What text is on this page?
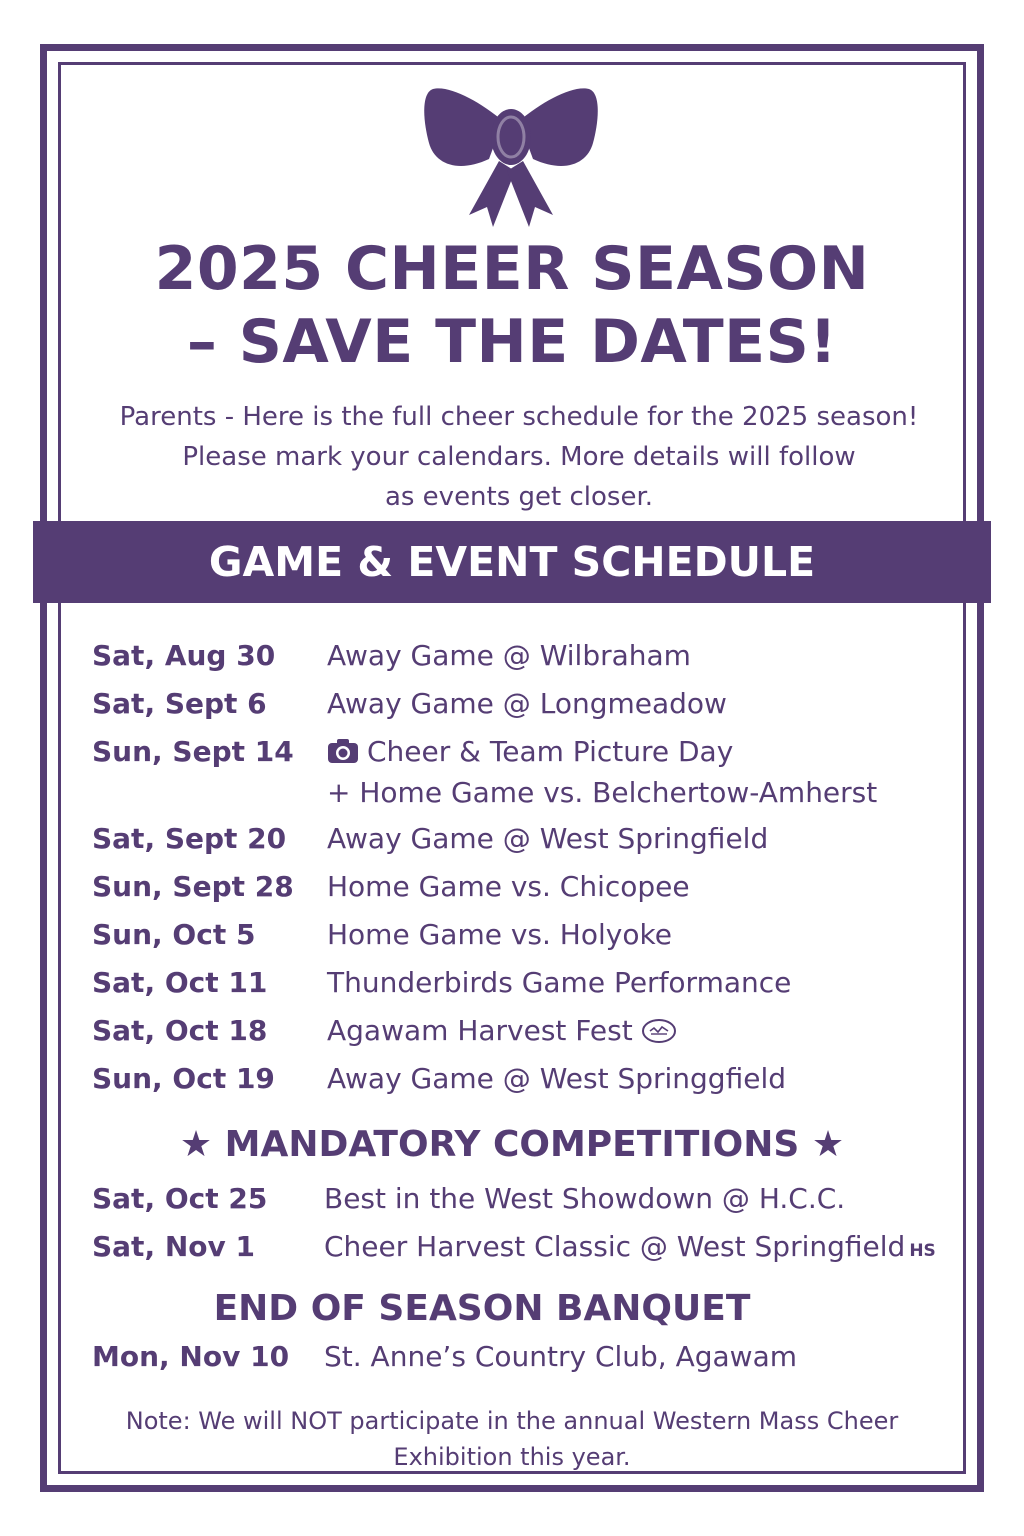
2025 CHEER SEASON
– SAVE THE DATES!

Parents - Here is the full cheer schedule for the 2025 season!
Please mark your calendars. More details will follow
as events get closer.

GAME & EVENT SCHEDULE
Sat, Aug 30 Away Game @ Wilbraham
Sat, Sept 6 Away Game @ Longmeadow
Sun, Sept 14	Cheer & Team Picture Day
+ Home Game vs. Belchertow-Amherst
Sat, Sept 20 Away Game @ West Springfield
Sun, Sept 28 Home Game vs. Chicopee
Sun, Oct 5	Home Game vs. Holyoke
Sat, Oct 11 Thunderbirds Game Performance
Sat, Oct 18 Agawam Harvest Fest
Sun, Oct 19 Away Game @ West Springgfield
★ MANDATORY COMPETITIONS ★
Sat, Oct 25 Best in the West Showdown @ H.C.C.
Sat, Nov 1 Cheer Harvest Classic @ West Springfield HS
END OF SEASON BANQUET
Mon, Nov 10 St. Anne’s Country Club, Agawam

Note: We will NOT participate in the annual Western Mass Cheer
Exhibition this year.
